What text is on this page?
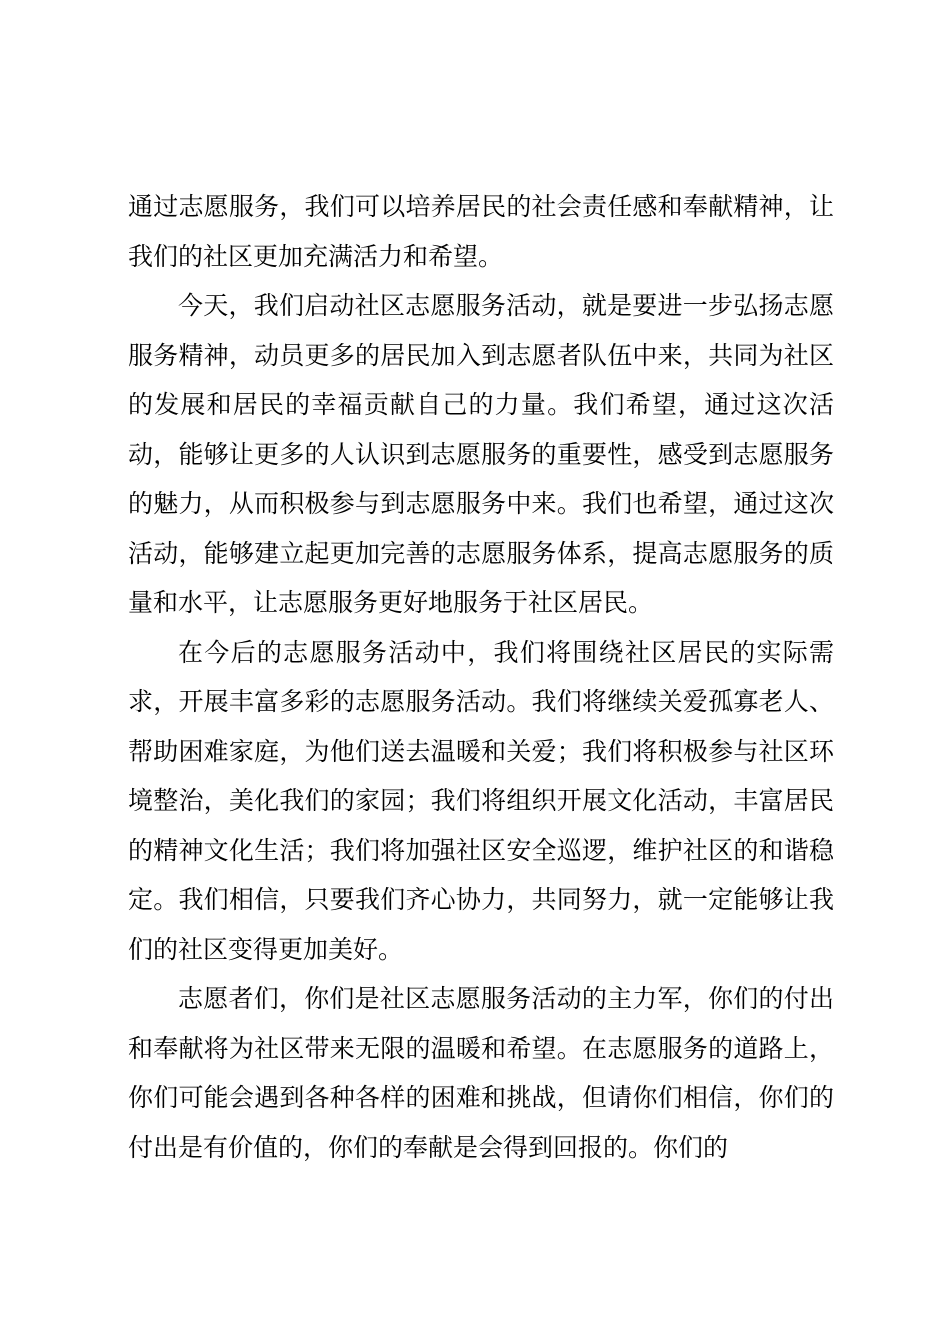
通过志愿服务，我们可以培养居民的社会责任感和奉献精神，让我们的社区更加充满活力和希望。

今天，我们启动社区志愿服务活动，就是要进一步弘扬志愿服务精神，动员更多的居民加入到志愿者队伍中来，共同为社区的发展和居民的幸福贡献自己的力量。我们希望，通过这次活动，能够让更多的人认识到志愿服务的重要性，感受到志愿服务的魅力，从而积极参与到志愿服务中来。我们也希望，通过这次活动，能够建立起更加完善的志愿服务体系，提高志愿服务的质量和水平，让志愿服务更好地服务于社区居民。

在今后的志愿服务活动中，我们将围绕社区居民的实际需求，开展丰富多彩的志愿服务活动。我们将继续关爱孤寡老人、帮助困难家庭，为他们送去温暖和关爱；我们将积极参与社区环境整治，美化我们的家园；我们将组织开展文化活动，丰富居民的精神文化生活；我们将加强社区安全巡逻，维护社区的和谐稳定。我们相信，只要我们齐心协力，共同努力，就一定能够让我们的社区变得更加美好。

志愿者们，你们是社区志愿服务活动的主力军，你们的付出和奉献将为社区带来无限的温暖和希望。在志愿服务的道路上，你们可能会遇到各种各样的困难和挑战，但请你们相信，你们的付出是有价值的，你们的奉献是会得到回报的。你们的
